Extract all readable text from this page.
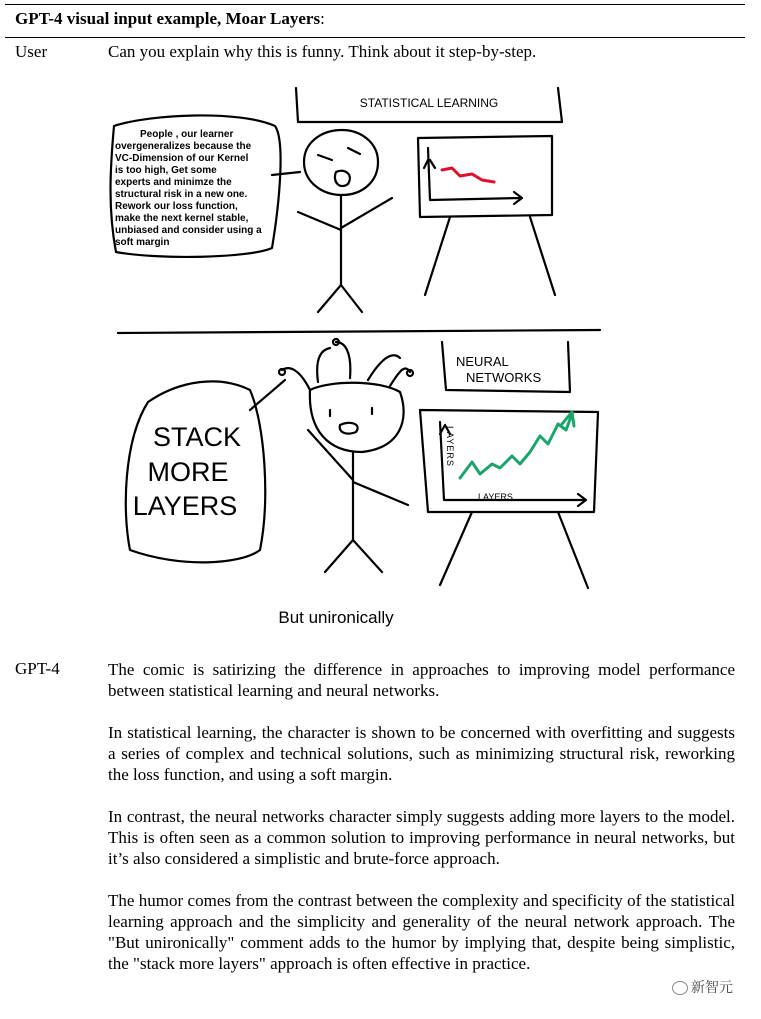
GPT-4 visual input example, Moar Layers:
User	Can you explain why this is funny. Think about it step-by-step.
STATISTICAL LEARNING
People , our learner
overgeneralizes because the
VC-Dimension of our Kernel
is too high, Get some
experts and minimze the
structural risk in a new one.
Rework our loss function,
make the next kernel stable,
unbiased and consider using a
soft margin
NEURAL
NETWORKS
STACK
MORE
LAYERS
LAYERS
LAYERS
But unironically
GPT-4	The comic is satirizing the difference in approaches to improving model performance between statistical learning and neural networks.

In statistical learning, the character is shown to be concerned with overfitting and suggests a series of complex and technical solutions, such as minimizing structural risk, reworking the loss function, and using a soft margin.

In contrast, the neural networks character simply suggests adding more layers to the model. This is often seen as a common solution to improving performance in neural networks, but it’s also considered a simplistic and brute-force approach.

The humor comes from the contrast between the complexity and specificity of the statistical learning approach and the simplicity and generality of the neural network approach. The "But unironically" comment adds to the humor by implying that, despite being simplistic, the "stack more layers" approach is often effective in practice.

新智元
